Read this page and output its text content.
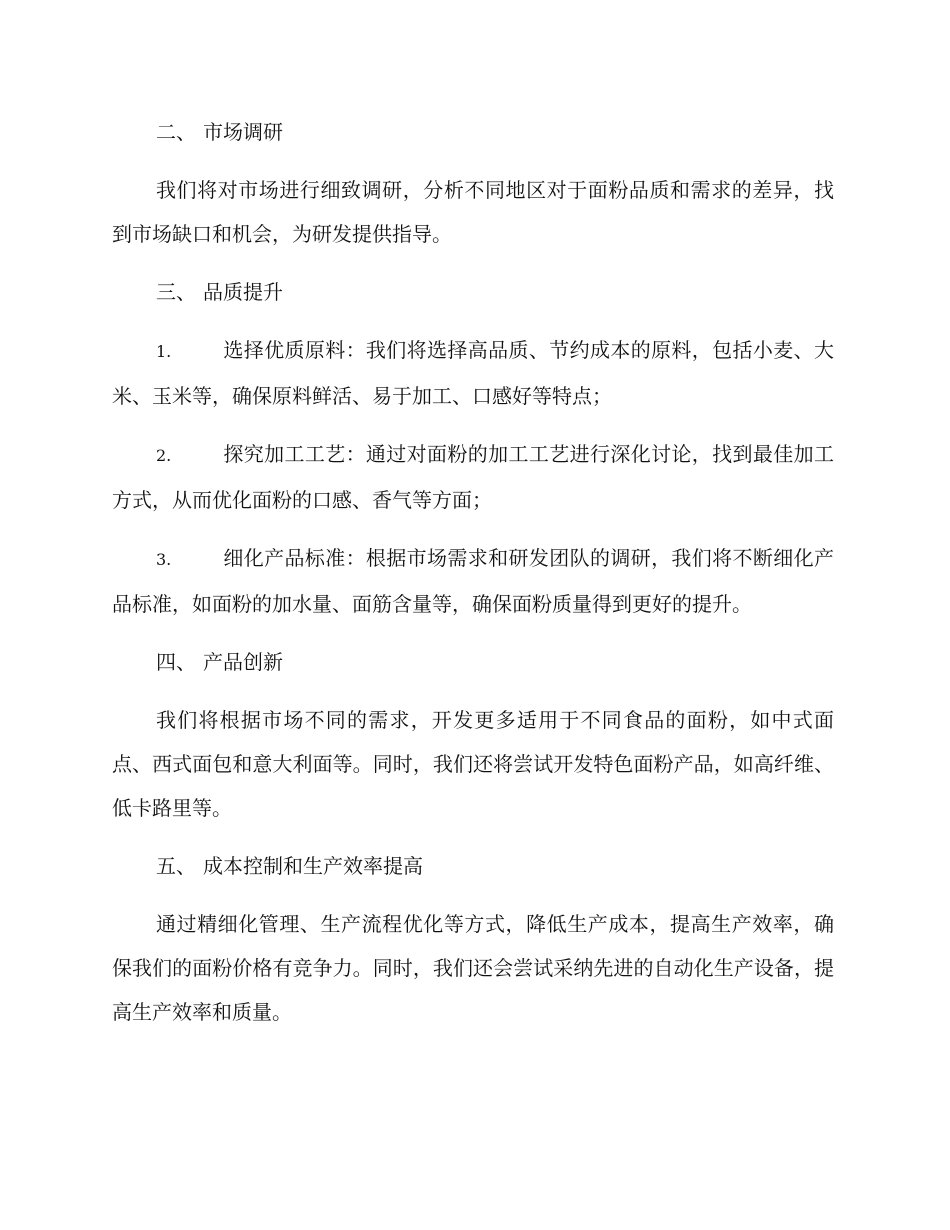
二、 市场调研
我们将对市场进行细致调研，分析不同地区对于面粉品质和需求的差异，找到市场缺口和机会，为研发提供指导。
三、 品质提升
1.	选择优质原料：我们将选择高品质、节约成本的原料，包括小麦、大米、玉米等，确保原料鲜活、易于加工、口感好等特点；
2.	探究加工工艺：通过对面粉的加工工艺进行深化讨论，找到最佳加工方式，从而优化面粉的口感、香气等方面；
3.	细化产品标准：根据市场需求和研发团队的调研，我们将不断细化产品标准，如面粉的加水量、面筋含量等，确保面粉质量得到更好的提升。
四、 产品创新
我们将根据市场不同的需求，开发更多适用于不同食品的面粉，如中式面点、西式面包和意大利面等。同时，我们还将尝试开发特色面粉产品，如高纤维、低卡路里等。
五、 成本控制和生产效率提高
通过精细化管理、生产流程优化等方式，降低生产成本，提高生产效率，确保我们的面粉价格有竞争力。同时，我们还会尝试采纳先进的自动化生产设备，提高生产效率和质量。
